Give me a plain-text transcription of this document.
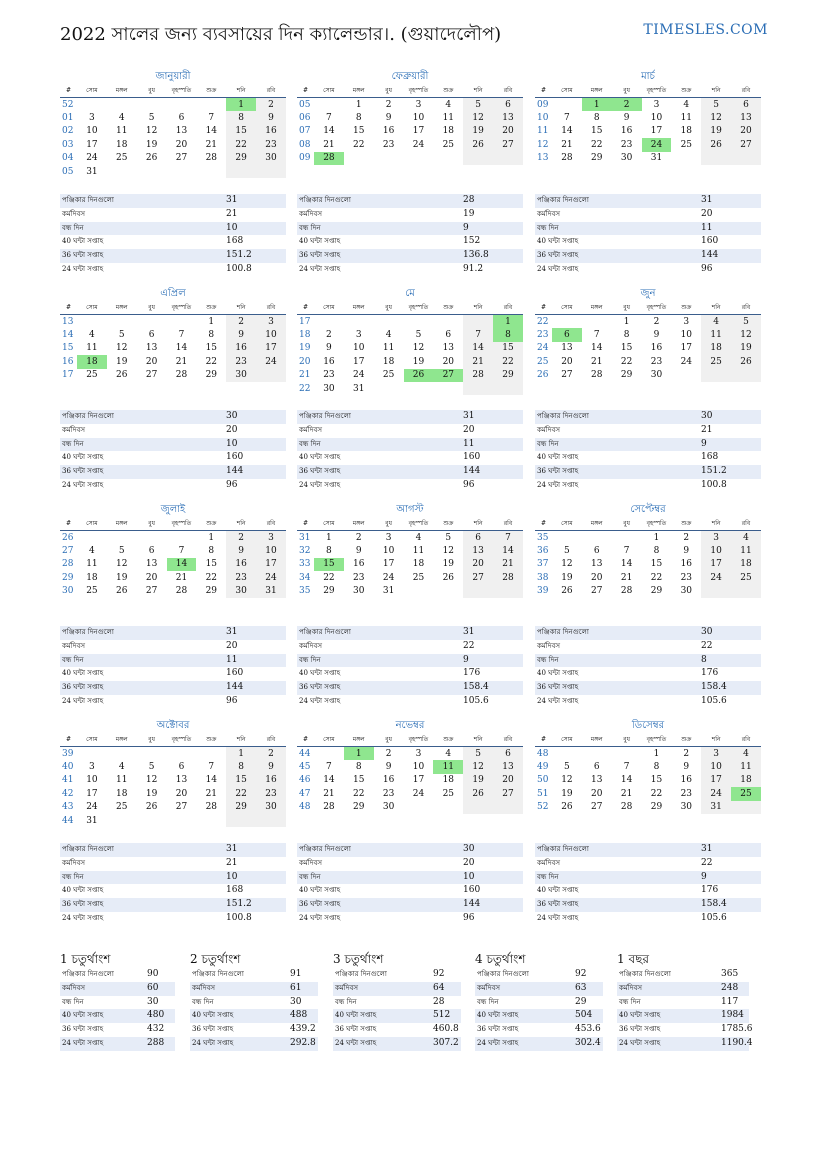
2022 সালের জন্য ব্যবসায়ের দিন ক্যালেন্ডার।. (গুয়াদেলৌপ)	TIMESLES.COM
জানুয়ারী
#	সোম	মঙ্গল	বুধ	বৃহস্পতি	শুক্র	শনি	রবি
52						1	2
01	3	4	5	6	7	8	9
02	10	11	12	13	14	15	16
03	17	18	19	20	21	22	23
04	24	25	26	27	28	29	30
05	31						
পঞ্জিকার দিনগুলো	31
কর্মদিবস	21
বন্ধ দিন	10
40 ঘন্টা সপ্তাহ	168
36 ঘন্টা সপ্তাহ	151.2
24 ঘন্টা সপ্তাহ	100.8
ফেব্রুয়ারী
#	সোম	মঙ্গল	বুধ	বৃহস্পতি	শুক্র	শনি	রবি
05		1	2	3	4	5	6
06	7	8	9	10	11	12	13
07	14	15	16	17	18	19	20
08	21	22	23	24	25	26	27
09	28						
পঞ্জিকার দিনগুলো	28
কর্মদিবস	19
বন্ধ দিন	9
40 ঘন্টা সপ্তাহ	152
36 ঘন্টা সপ্তাহ	136.8
24 ঘন্টা সপ্তাহ	91.2
মার্চ
#	সোম	মঙ্গল	বুধ	বৃহস্পতি	শুক্র	শনি	রবি
09		1	2	3	4	5	6
10	7	8	9	10	11	12	13
11	14	15	16	17	18	19	20
12	21	22	23	24	25	26	27
13	28	29	30	31			
পঞ্জিকার দিনগুলো	31
কর্মদিবস	20
বন্ধ দিন	11
40 ঘন্টা সপ্তাহ	160
36 ঘন্টা সপ্তাহ	144
24 ঘন্টা সপ্তাহ	96
এপ্রিল
#	সোম	মঙ্গল	বুধ	বৃহস্পতি	শুক্র	শনি	রবি
13					1	2	3
14	4	5	6	7	8	9	10
15	11	12	13	14	15	16	17
16	18	19	20	21	22	23	24
17	25	26	27	28	29	30	
পঞ্জিকার দিনগুলো	30
কর্মদিবস	20
বন্ধ দিন	10
40 ঘন্টা সপ্তাহ	160
36 ঘন্টা সপ্তাহ	144
24 ঘন্টা সপ্তাহ	96
মে
#	সোম	মঙ্গল	বুধ	বৃহস্পতি	শুক্র	শনি	রবি
17							1
18	2	3	4	5	6	7	8
19	9	10	11	12	13	14	15
20	16	17	18	19	20	21	22
21	23	24	25	26	27	28	29
22	30	31					
পঞ্জিকার দিনগুলো	31
কর্মদিবস	20
বন্ধ দিন	11
40 ঘন্টা সপ্তাহ	160
36 ঘন্টা সপ্তাহ	144
24 ঘন্টা সপ্তাহ	96
জুন
#	সোম	মঙ্গল	বুধ	বৃহস্পতি	শুক্র	শনি	রবি
22			1	2	3	4	5
23	6	7	8	9	10	11	12
24	13	14	15	16	17	18	19
25	20	21	22	23	24	25	26
26	27	28	29	30			
পঞ্জিকার দিনগুলো	30
কর্মদিবস	21
বন্ধ দিন	9
40 ঘন্টা সপ্তাহ	168
36 ঘন্টা সপ্তাহ	151.2
24 ঘন্টা সপ্তাহ	100.8
জুলাই
#	সোম	মঙ্গল	বুধ	বৃহস্পতি	শুক্র	শনি	রবি
26					1	2	3
27	4	5	6	7	8	9	10
28	11	12	13	14	15	16	17
29	18	19	20	21	22	23	24
30	25	26	27	28	29	30	31
পঞ্জিকার দিনগুলো	31
কর্মদিবস	20
বন্ধ দিন	11
40 ঘন্টা সপ্তাহ	160
36 ঘন্টা সপ্তাহ	144
24 ঘন্টা সপ্তাহ	96
আগস্ট
#	সোম	মঙ্গল	বুধ	বৃহস্পতি	শুক্র	শনি	রবি
31	1	2	3	4	5	6	7
32	8	9	10	11	12	13	14
33	15	16	17	18	19	20	21
34	22	23	24	25	26	27	28
35	29	30	31				
পঞ্জিকার দিনগুলো	31
কর্মদিবস	22
বন্ধ দিন	9
40 ঘন্টা সপ্তাহ	176
36 ঘন্টা সপ্তাহ	158.4
24 ঘন্টা সপ্তাহ	105.6
সেপ্টেম্বর
#	সোম	মঙ্গল	বুধ	বৃহস্পতি	শুক্র	শনি	রবি
35				1	2	3	4
36	5	6	7	8	9	10	11
37	12	13	14	15	16	17	18
38	19	20	21	22	23	24	25
39	26	27	28	29	30		
পঞ্জিকার দিনগুলো	30
কর্মদিবস	22
বন্ধ দিন	8
40 ঘন্টা সপ্তাহ	176
36 ঘন্টা সপ্তাহ	158.4
24 ঘন্টা সপ্তাহ	105.6
অক্টোবর
#	সোম	মঙ্গল	বুধ	বৃহস্পতি	শুক্র	শনি	রবি
39						1	2
40	3	4	5	6	7	8	9
41	10	11	12	13	14	15	16
42	17	18	19	20	21	22	23
43	24	25	26	27	28	29	30
44	31						
পঞ্জিকার দিনগুলো	31
কর্মদিবস	21
বন্ধ দিন	10
40 ঘন্টা সপ্তাহ	168
36 ঘন্টা সপ্তাহ	151.2
24 ঘন্টা সপ্তাহ	100.8
নভেম্বর
#	সোম	মঙ্গল	বুধ	বৃহস্পতি	শুক্র	শনি	রবি
44		1	2	3	4	5	6
45	7	8	9	10	11	12	13
46	14	15	16	17	18	19	20
47	21	22	23	24	25	26	27
48	28	29	30				
পঞ্জিকার দিনগুলো	30
কর্মদিবস	20
বন্ধ দিন	10
40 ঘন্টা সপ্তাহ	160
36 ঘন্টা সপ্তাহ	144
24 ঘন্টা সপ্তাহ	96
ডিসেম্বর
#	সোম	মঙ্গল	বুধ	বৃহস্পতি	শুক্র	শনি	রবি
48				1	2	3	4
49	5	6	7	8	9	10	11
50	12	13	14	15	16	17	18
51	19	20	21	22	23	24	25
52	26	27	28	29	30	31	
পঞ্জিকার দিনগুলো	31
কর্মদিবস	22
বন্ধ দিন	9
40 ঘন্টা সপ্তাহ	176
36 ঘন্টা সপ্তাহ	158.4
24 ঘন্টা সপ্তাহ	105.6
1 চতুর্থাংশ
পঞ্জিকার দিনগুলো	90
কর্মদিবস	60
বন্ধ দিন	30
40 ঘন্টা সপ্তাহ	480
36 ঘন্টা সপ্তাহ	432
24 ঘন্টা সপ্তাহ	288
2 চতুর্থাংশ
পঞ্জিকার দিনগুলো	91
কর্মদিবস	61
বন্ধ দিন	30
40 ঘন্টা সপ্তাহ	488
36 ঘন্টা সপ্তাহ	439.2
24 ঘন্টা সপ্তাহ	292.8
3 চতুর্থাংশ
পঞ্জিকার দিনগুলো	92
কর্মদিবস	64
বন্ধ দিন	28
40 ঘন্টা সপ্তাহ	512
36 ঘন্টা সপ্তাহ	460.8
24 ঘন্টা সপ্তাহ	307.2
4 চতুর্থাংশ
পঞ্জিকার দিনগুলো	92
কর্মদিবস	63
বন্ধ দিন	29
40 ঘন্টা সপ্তাহ	504
36 ঘন্টা সপ্তাহ	453.6
24 ঘন্টা সপ্তাহ	302.4
1 বছর
পঞ্জিকার দিনগুলো	365
কর্মদিবস	248
বন্ধ দিন	117
40 ঘন্টা সপ্তাহ	1984
36 ঘন্টা সপ্তাহ	1785.6
24 ঘন্টা সপ্তাহ	1190.4
